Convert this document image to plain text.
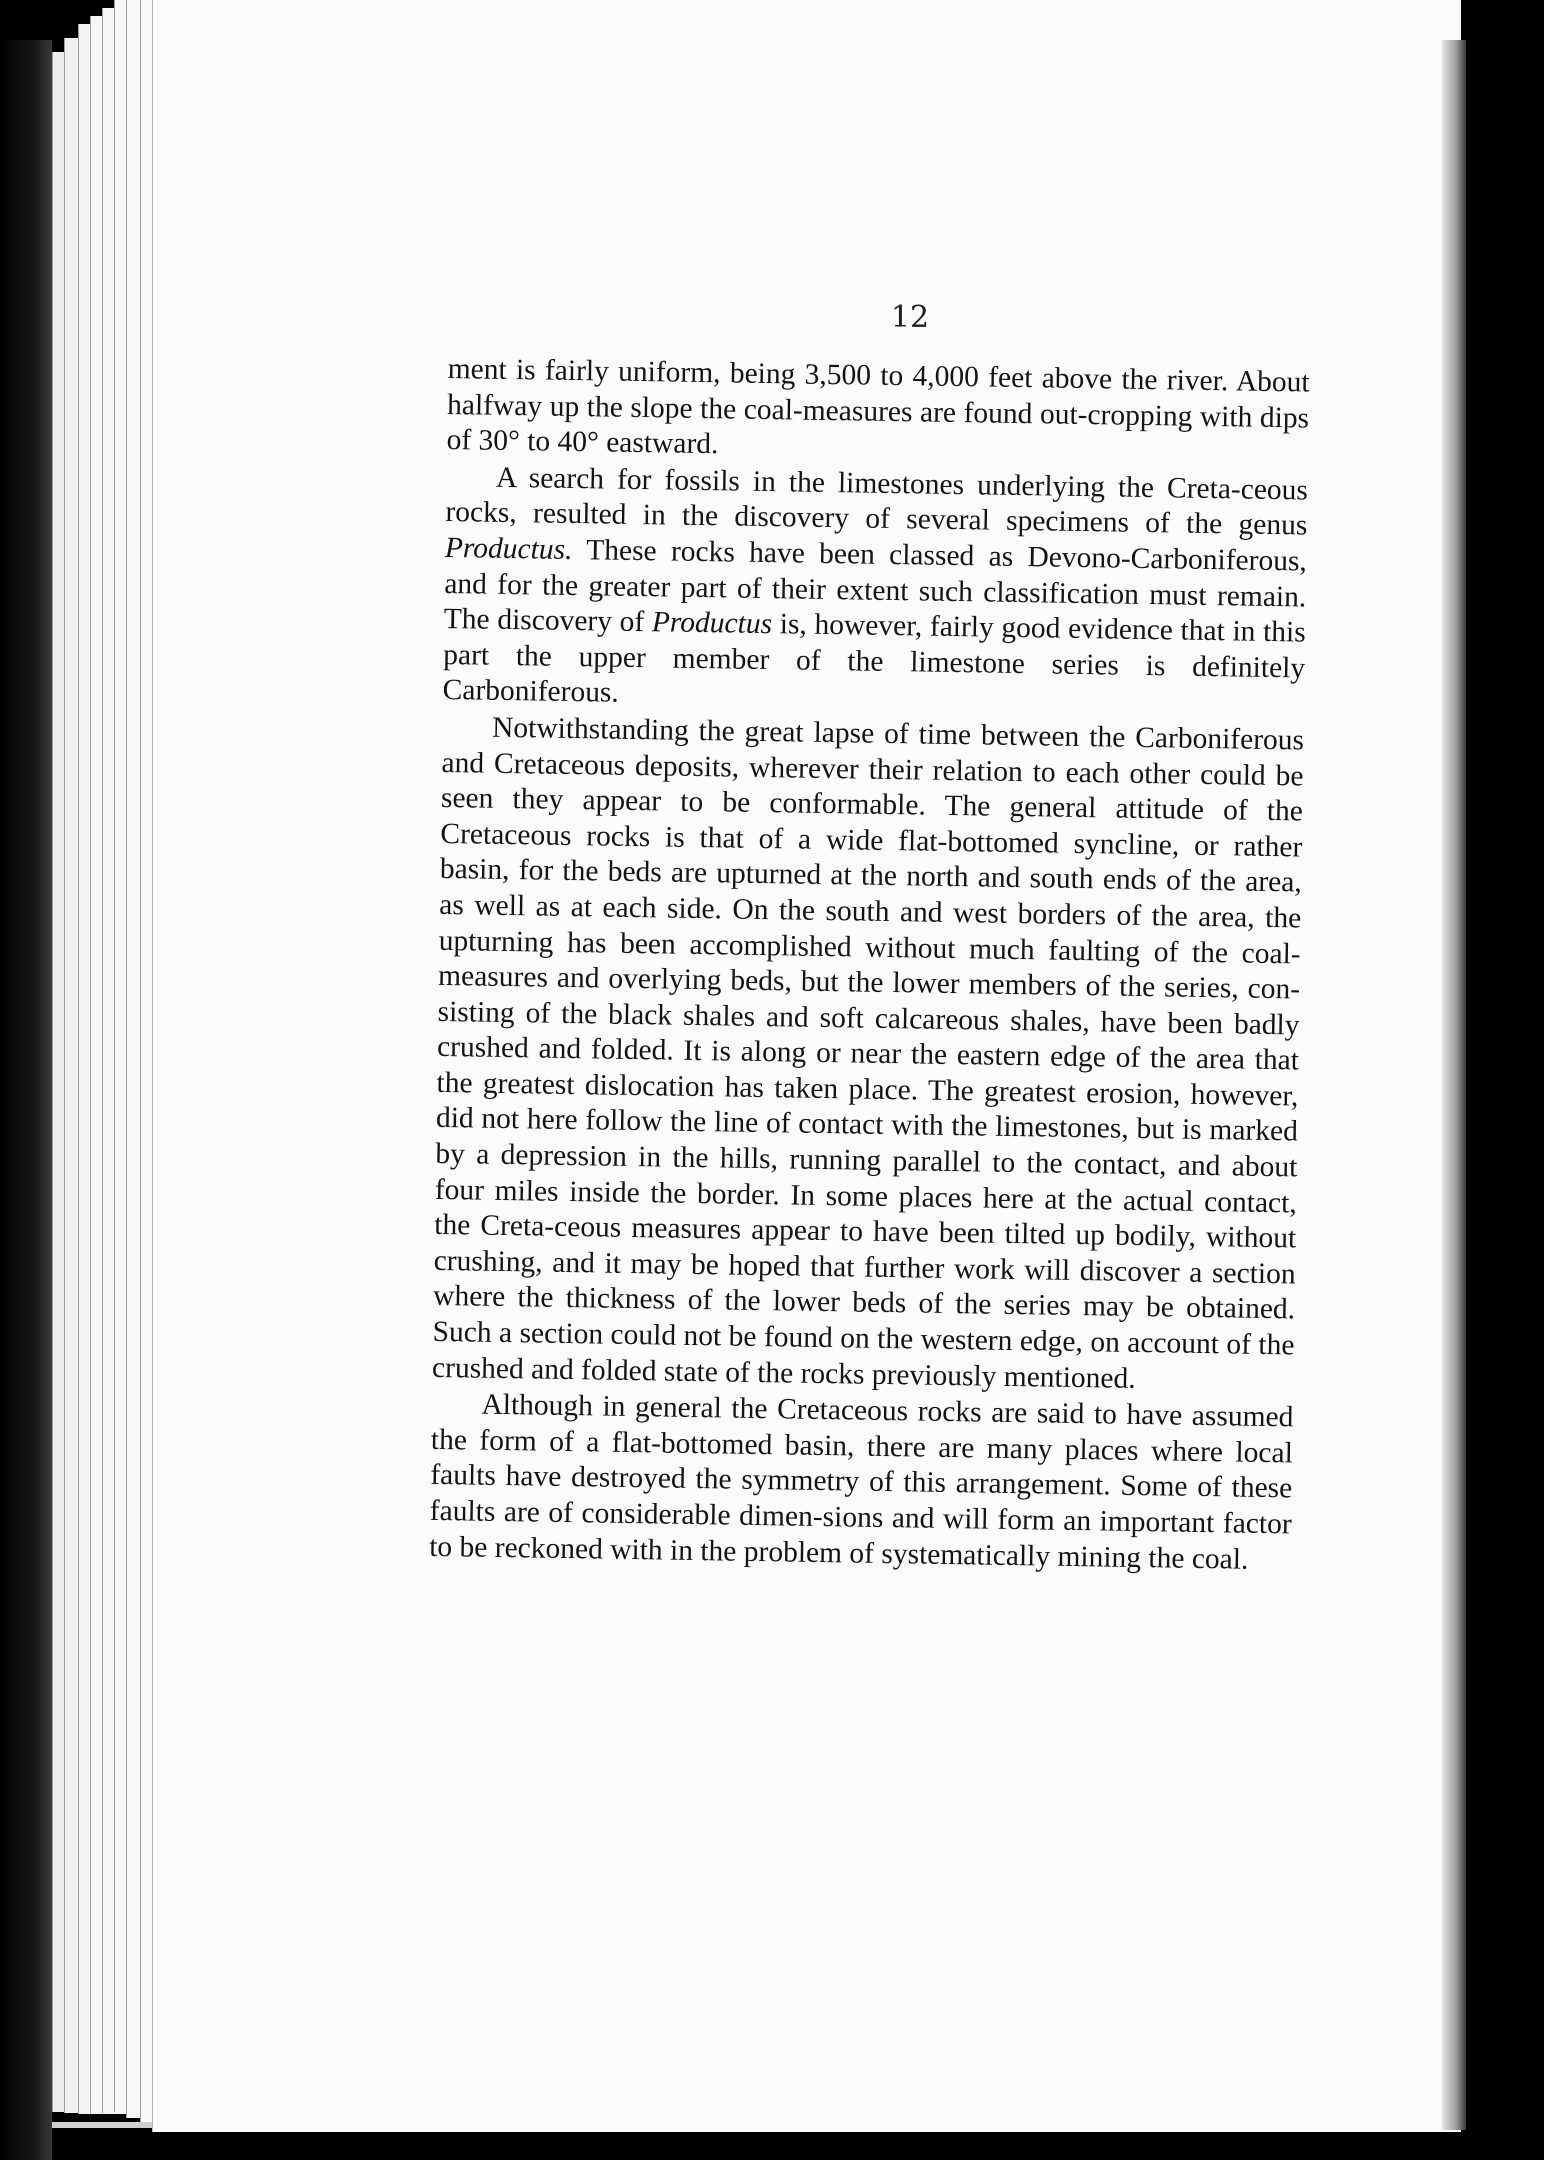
12

ment is fairly uniform, being 3,500 to 4,000 feet above the river. About halfway up the slope the coal-measures are found out-cropping with dips of 30° to 40° eastward.

A search for fossils in the limestones underlying the Creta-ceous rocks, resulted in the discovery of several specimens of the genus Productus. These rocks have been classed as Devono-Carboniferous, and for the greater part of their extent such classification must remain. The discovery of Productus is, however, fairly good evidence that in this part the upper member of the limestone series is definitely Carboniferous.

Notwithstanding the great lapse of time between the Carboniferous and Cretaceous deposits, wherever their relation to each other could be seen they appear to be conformable. The general attitude of the Cretaceous rocks is that of a wide flat-bottomed syncline, or rather basin, for the beds are upturned at the north and south ends of the area, as well as at each side. On the south and west borders of the area, the upturning has been accomplished without much faulting of the coal-measures and overlying beds, but the lower members of the series, con-sisting of the black shales and soft calcareous shales, have been badly crushed and folded. It is along or near the eastern edge of the area that the greatest dislocation has taken place. The greatest erosion, however, did not here follow the line of contact with the limestones, but is marked by a depression in the hills, running parallel to the contact, and about four miles inside the border. In some places here at the actual contact, the Creta-ceous measures appear to have been tilted up bodily, without crushing, and it may be hoped that further work will discover a section where the thickness of the lower beds of the series may be obtained. Such a section could not be found on the western edge, on account of the crushed and folded state of the rocks previously mentioned.

Although in general the Cretaceous rocks are said to have assumed the form of a flat-bottomed basin, there are many places where local faults have destroyed the symmetry of this arrangement. Some of these faults are of considerable dimen-sions and will form an important factor to be reckoned with in the problem of systematically mining the coal.
